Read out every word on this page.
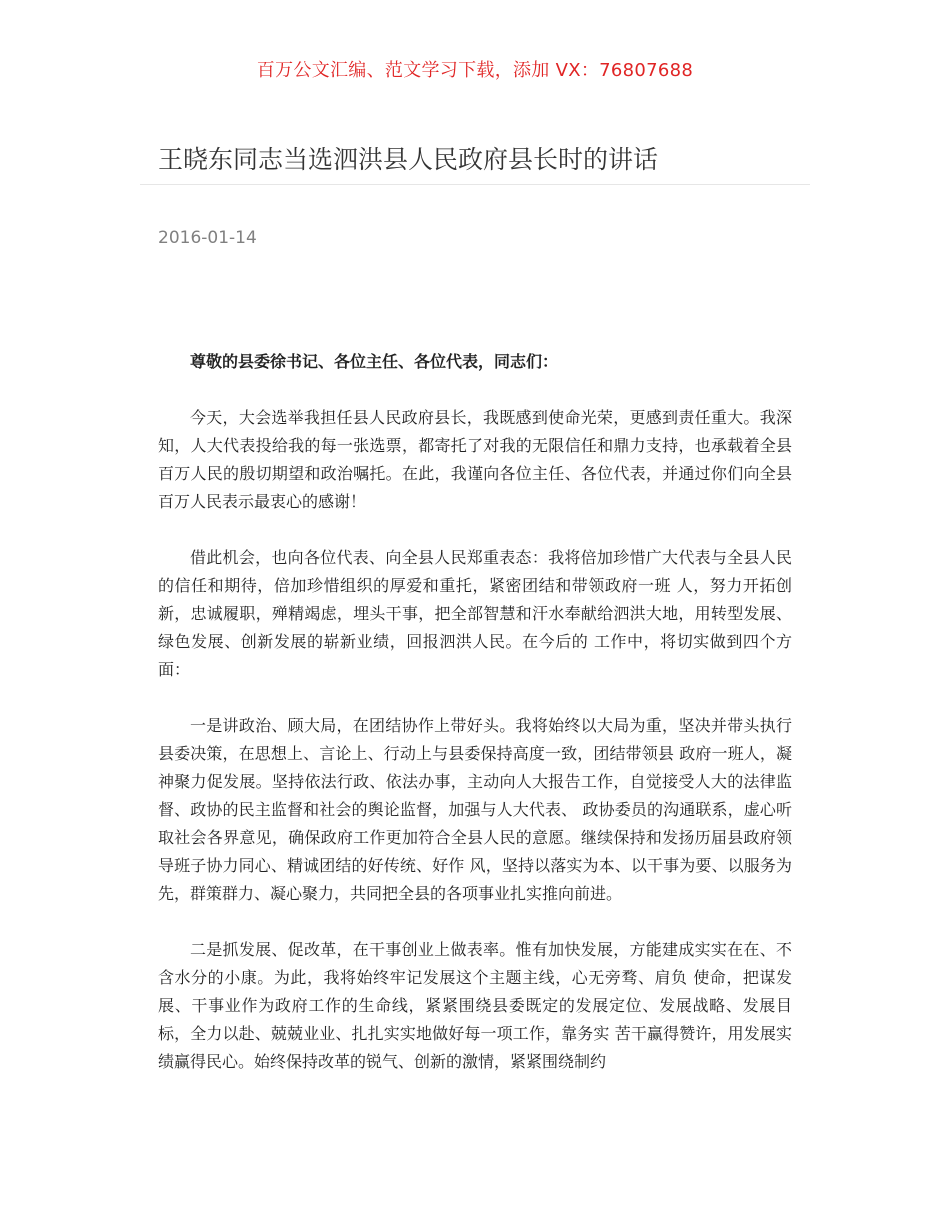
百万公文汇编、范文学习下载，添加 VX：76807688
王晓东同志当选泗洪县人民政府县长时的讲话
2016-01-14

尊敬的县委徐书记、各位主任、各位代表，同志们：

今天，大会选举我担任县人民政府县长，我既感到使命光荣，更感到责任重大。我深知，人大代表投给我的每一张选票，都寄托了对我的无限信任和鼎力支持，也承载着全县百万人民的殷切期望和政治嘱托。在此，我谨向各位主任、各位代表，并通过你们向全县百万人民表示最衷心的感谢！

借此机会，也向各位代表、向全县人民郑重表态：我将倍加珍惜广大代表与全县人民的信任和期待，倍加珍惜组织的厚爱和重托，紧密团结和带领政府一班 人，努力开拓创新，忠诚履职，殚精竭虑，埋头干事，把全部智慧和汗水奉献给泗洪大地，用转型发展、绿色发展、创新发展的崭新业绩，回报泗洪人民。在今后的 工作中，将切实做到四个方面：

一是讲政治、顾大局，在团结协作上带好头。我将始终以大局为重，坚决并带头执行县委决策，在思想上、言论上、行动上与县委保持高度一致，团结带领县 政府一班人，凝神聚力促发展。坚持依法行政、依法办事，主动向人大报告工作，自觉接受人大的法律监督、政协的民主监督和社会的舆论监督，加强与人大代表、 政协委员的沟通联系，虚心听取社会各界意见，确保政府工作更加符合全县人民的意愿。继续保持和发扬历届县政府领导班子协力同心、精诚团结的好传统、好作 风，坚持以落实为本、以干事为要、以服务为先，群策群力、凝心聚力，共同把全县的各项事业扎实推向前进。

二是抓发展、促改革，在干事创业上做表率。惟有加快发展，方能建成实实在在、不含水分的小康。为此，我将始终牢记发展这个主题主线，心无旁骛、肩负 使命，把谋发展、干事业作为政府工作的生命线，紧紧围绕县委既定的发展定位、发展战略、发展目标，全力以赴、兢兢业业、扎扎实实地做好每一项工作，靠务实 苦干赢得赞许，用发展实绩赢得民心。始终保持改革的锐气、创新的激情，紧紧围绕制约
